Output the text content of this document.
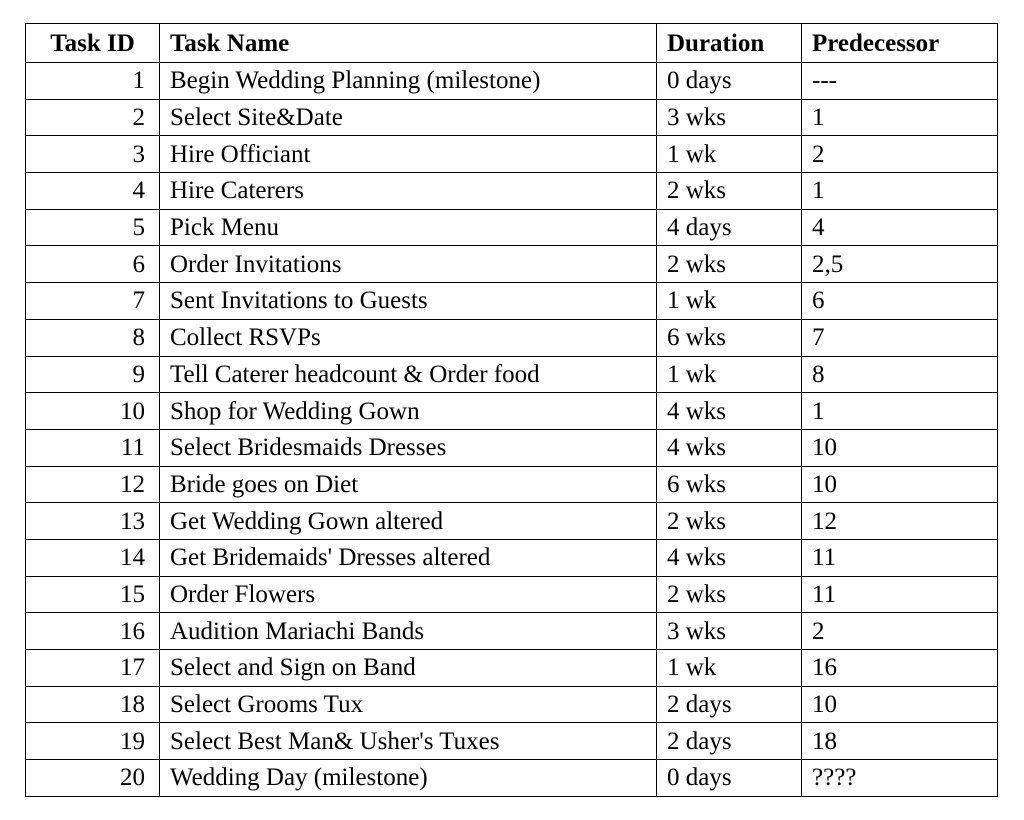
Task ID	Task Name	Duration	Predecessor
1	Begin Wedding Planning (milestone)	0 days	---
2	Select Site&Date	3 wks	1
3	Hire Officiant	1 wk	2
4	Hire Caterers	2 wks	1
5	Pick Menu	4 days	4
6	Order Invitations	2 wks	2,5
7	Sent Invitations to Guests	1 wk	6
8	Collect RSVPs	6 wks	7
9	Tell Caterer headcount & Order food	1 wk	8
10	Shop for Wedding Gown	4 wks	1
11	Select Bridesmaids Dresses	4 wks	10
12	Bride goes on Diet	6 wks	10
13	Get Wedding Gown altered	2 wks	12
14	Get Bridemaids' Dresses altered	4 wks	11
15	Order Flowers	2 wks	11
16	Audition Mariachi Bands	3 wks	2
17	Select and Sign on Band	1 wk	16
18	Select Grooms Tux	2 days	10
19	Select Best Man& Usher's Tuxes	2 days	18
20	Wedding Day (milestone)	0 days	????
